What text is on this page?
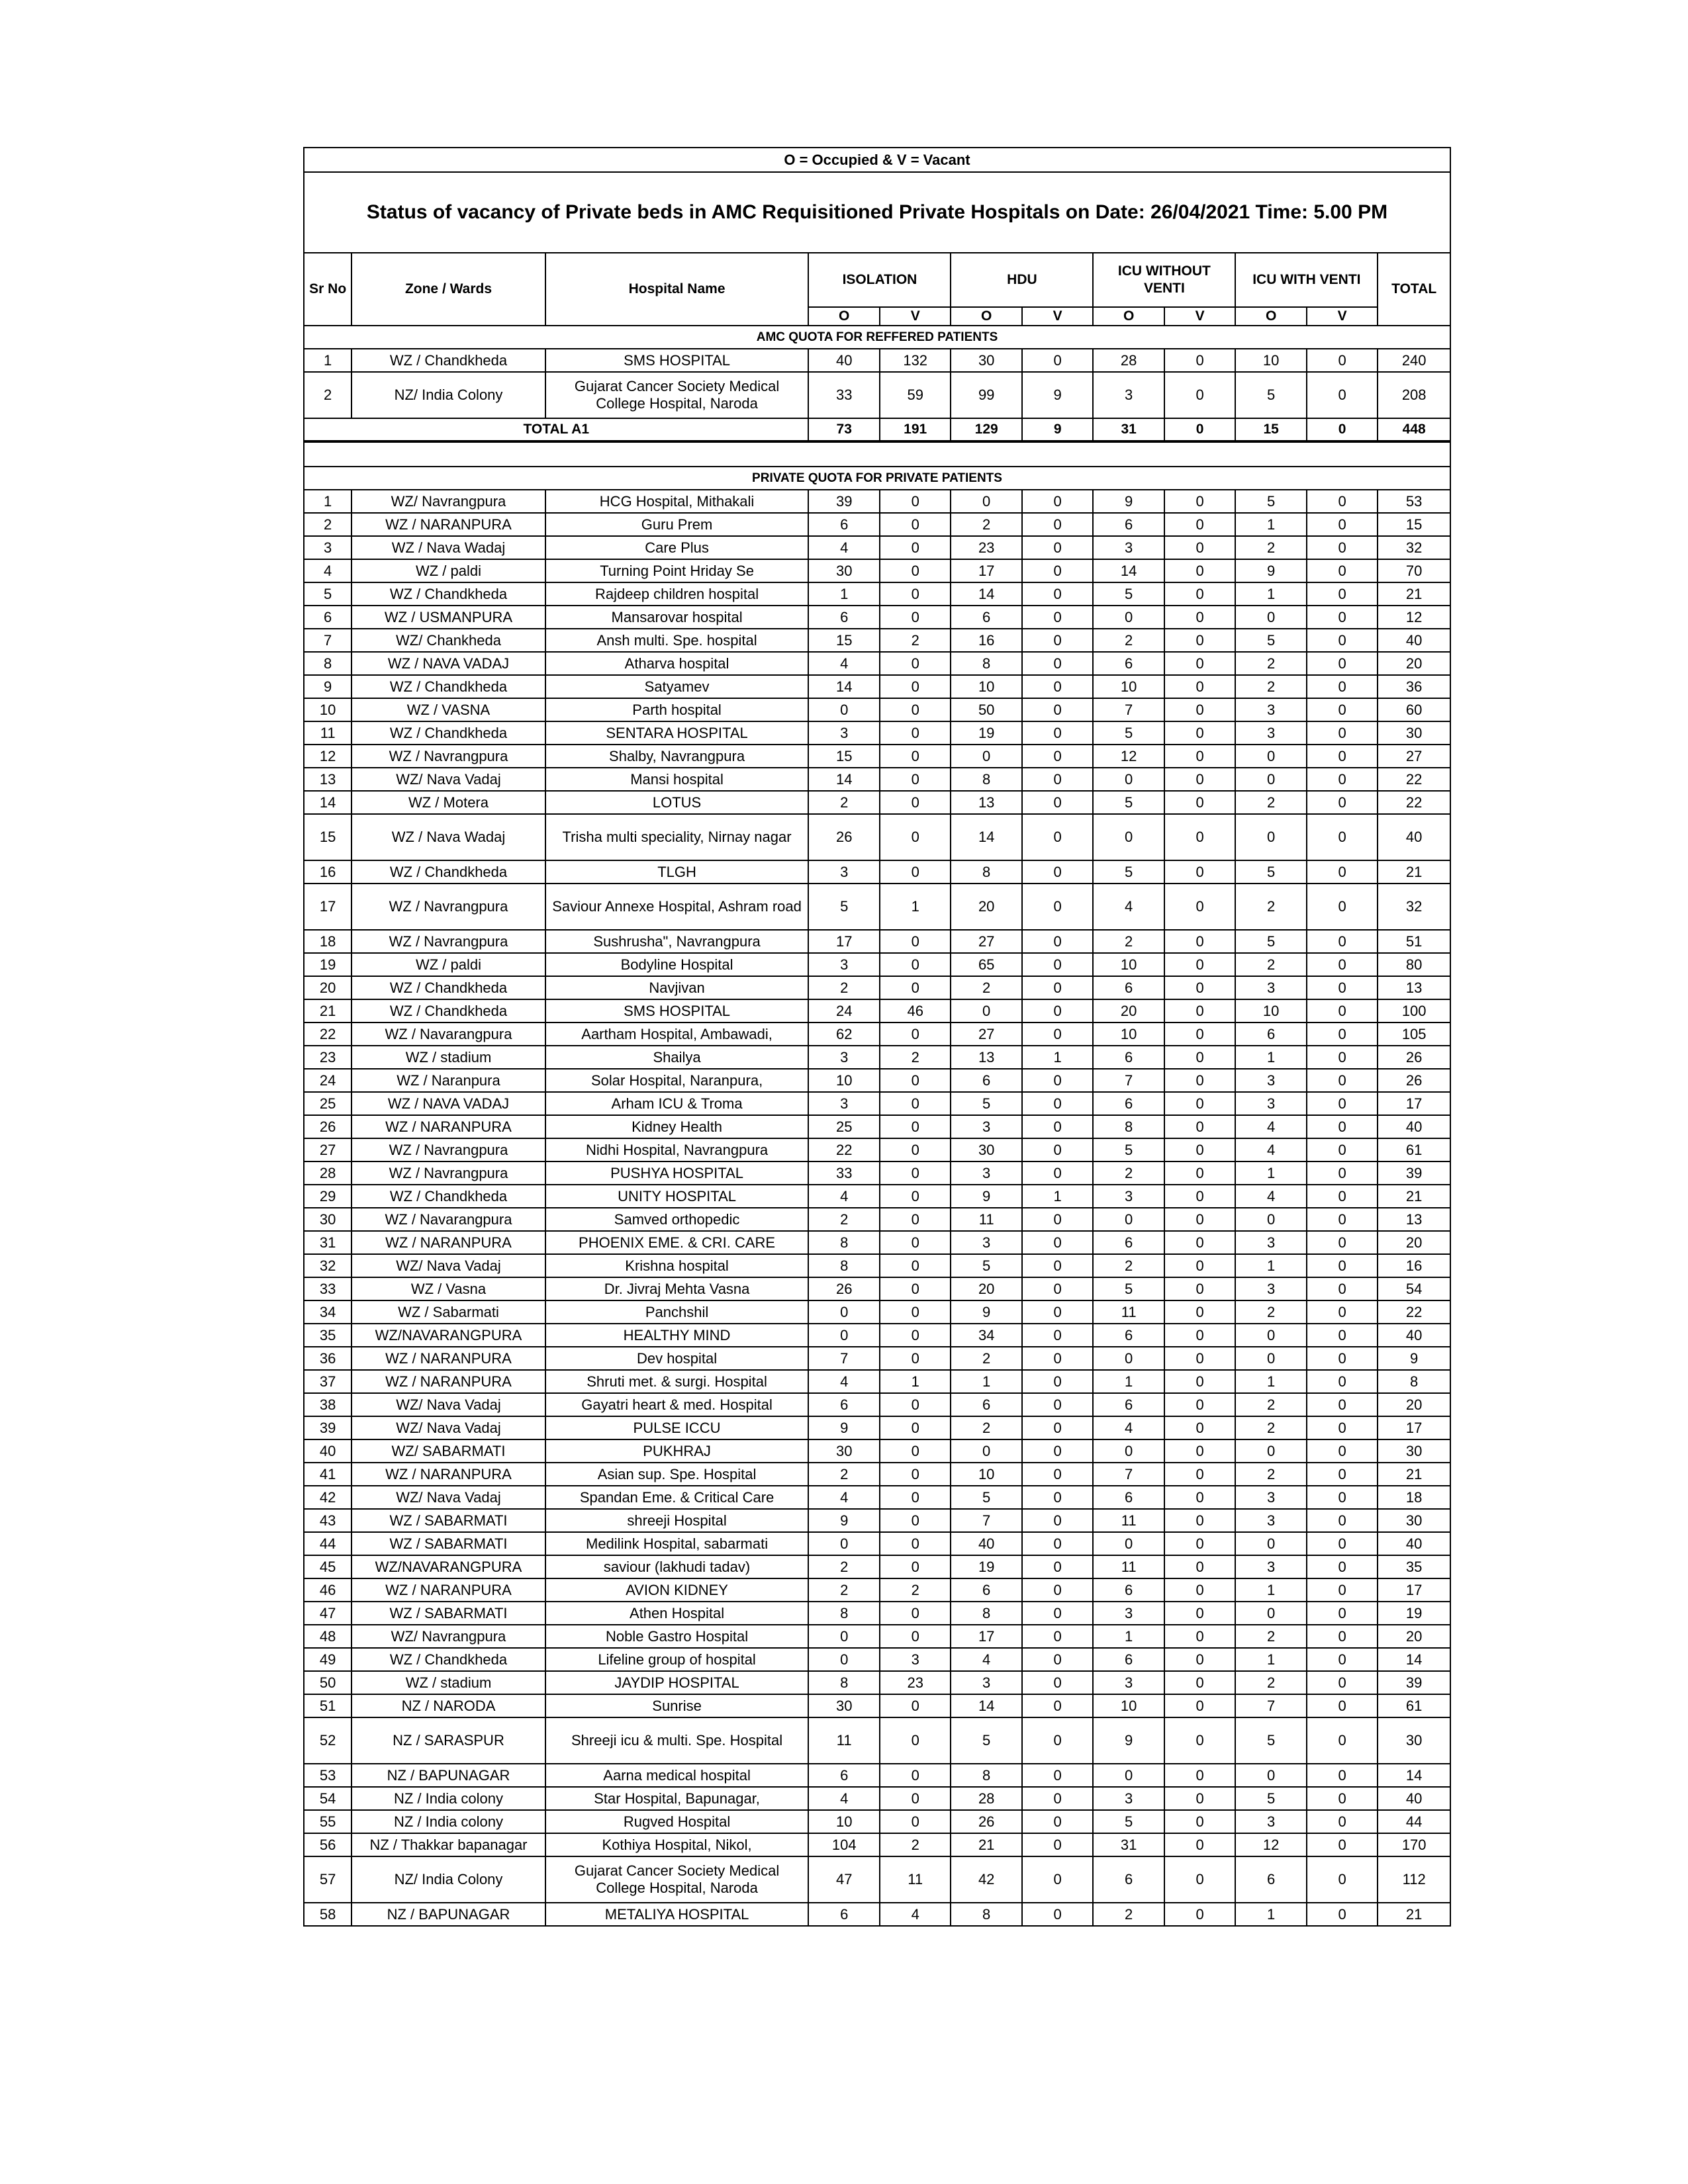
O = Occupied & V = Vacant											
Status of vacancy of Private beds in AMC Requisitioned Private Hospitals on Date: 26/04/2021 Time: 5.00 PM											
Sr No	Zone / Wards	Hospital Name	ISOLATION		HDU		ICU WITHOUT VENTI		ICU WITH VENTI		TOTAL
			O	V	O	V	O	V	O	V	
AMC QUOTA FOR REFFERED PATIENTS											
1	WZ / Chandkheda	SMS HOSPITAL	40	132	30	0	28	0	10	0	240
2	NZ/ India Colony	Gujarat Cancer Society Medical College Hospital, Naroda	33	59	99	9	3	0	5	0	208
TOTAL A1			73	191	129	9	31	0	15	0	448

PRIVATE QUOTA FOR PRIVATE PATIENTS											
1	WZ/ Navrangpura	HCG Hospital, Mithakali	39	0	0	0	9	0	5	0	53
2	WZ / NARANPURA	Guru Prem	6	0	2	0	6	0	1	0	15
3	WZ / Nava Wadaj	Care Plus	4	0	23	0	3	0	2	0	32
4	WZ / paldi	Turning Point Hriday Se	30	0	17	0	14	0	9	0	70
5	WZ / Chandkheda	Rajdeep children hospital	1	0	14	0	5	0	1	0	21
6	WZ / USMANPURA	Mansarovar hospital	6	0	6	0	0	0	0	0	12
7	WZ/ Chankheda	Ansh multi. Spe. hospital	15	2	16	0	2	0	5	0	40
8	WZ / NAVA VADAJ	Atharva hospital	4	0	8	0	6	0	2	0	20
9	WZ / Chandkheda	Satyamev	14	0	10	0	10	0	2	0	36
10	WZ / VASNA	Parth hospital	0	0	50	0	7	0	3	0	60
11	WZ / Chandkheda	SENTARA HOSPITAL	3	0	19	0	5	0	3	0	30
12	WZ / Navrangpura	Shalby, Navrangpura	15	0	0	0	12	0	0	0	27
13	WZ/ Nava Vadaj	Mansi hospital	14	0	8	0	0	0	0	0	22
14	WZ / Motera	LOTUS	2	0	13	0	5	0	2	0	22
15	WZ / Nava Wadaj	Trisha multi speciality, Nirnay nagar	26	0	14	0	0	0	0	0	40
16	WZ / Chandkheda	TLGH	3	0	8	0	5	0	5	0	21
17	WZ / Navrangpura	Saviour Annexe Hospital, Ashram road	5	1	20	0	4	0	2	0	32
18	WZ / Navrangpura	Sushrusha", Navrangpura	17	0	27	0	2	0	5	0	51
19	WZ / paldi	Bodyline Hospital	3	0	65	0	10	0	2	0	80
20	WZ / Chandkheda	Navjivan	2	0	2	0	6	0	3	0	13
21	WZ / Chandkheda	SMS HOSPITAL	24	46	0	0	20	0	10	0	100
22	WZ / Navarangpura	Aartham Hospital, Ambawadi,	62	0	27	0	10	0	6	0	105
23	WZ / stadium	Shailya	3	2	13	1	6	0	1	0	26
24	WZ / Naranpura	Solar Hospital, Naranpura,	10	0	6	0	7	0	3	0	26
25	WZ / NAVA VADAJ	Arham ICU & Troma	3	0	5	0	6	0	3	0	17
26	WZ / NARANPURA	Kidney Health	25	0	3	0	8	0	4	0	40
27	WZ / Navrangpura	Nidhi Hospital, Navrangpura	22	0	30	0	5	0	4	0	61
28	WZ / Navrangpura	PUSHYA HOSPITAL	33	0	3	0	2	0	1	0	39
29	WZ / Chandkheda	UNITY HOSPITAL	4	0	9	1	3	0	4	0	21
30	WZ / Navarangpura	Samved orthopedic	2	0	11	0	0	0	0	0	13
31	WZ / NARANPURA	PHOENIX EME. & CRI. CARE	8	0	3	0	6	0	3	0	20
32	WZ/ Nava Vadaj	Krishna hospital	8	0	5	0	2	0	1	0	16
33	WZ / Vasna	Dr. Jivraj Mehta Vasna	26	0	20	0	5	0	3	0	54
34	WZ / Sabarmati	Panchshil	0	0	9	0	11	0	2	0	22
35	WZ/NAVARANGPURA	HEALTHY MIND	0	0	34	0	6	0	0	0	40
36	WZ / NARANPURA	Dev hospital	7	0	2	0	0	0	0	0	9
37	WZ / NARANPURA	Shruti met. & surgi. Hospital	4	1	1	0	1	0	1	0	8
38	WZ/ Nava Vadaj	Gayatri heart & med. Hospital	6	0	6	0	6	0	2	0	20
39	WZ/ Nava Vadaj	PULSE ICCU	9	0	2	0	4	0	2	0	17
40	WZ/ SABARMATI	PUKHRAJ	30	0	0	0	0	0	0	0	30
41	WZ / NARANPURA	Asian sup. Spe. Hospital	2	0	10	0	7	0	2	0	21
42	WZ/ Nava Vadaj	Spandan Eme. & Critical Care	4	0	5	0	6	0	3	0	18
43	WZ / SABARMATI	shreeji Hospital	9	0	7	0	11	0	3	0	30
44	WZ / SABARMATI	Medilink Hospital, sabarmati	0	0	40	0	0	0	0	0	40
45	WZ/NAVARANGPURA	saviour (lakhudi tadav)	2	0	19	0	11	0	3	0	35
46	WZ / NARANPURA	AVION KIDNEY	2	2	6	0	6	0	1	0	17
47	WZ / SABARMATI	Athen Hospital	8	0	8	0	3	0	0	0	19
48	WZ/ Navrangpura	Noble Gastro Hospital	0	0	17	0	1	0	2	0	20
49	WZ / Chandkheda	Lifeline group of hospital	0	3	4	0	6	0	1	0	14
50	WZ / stadium	JAYDIP HOSPITAL	8	23	3	0	3	0	2	0	39
51	NZ / NARODA	Sunrise	30	0	14	0	10	0	7	0	61
52	NZ / SARASPUR	Shreeji icu & multi. Spe. Hospital	11	0	5	0	9	0	5	0	30
53	NZ / BAPUNAGAR	Aarna medical hospital	6	0	8	0	0	0	0	0	14
54	NZ / India colony	Star Hospital, Bapunagar,	4	0	28	0	3	0	5	0	40
55	NZ / India colony	Rugved Hospital	10	0	26	0	5	0	3	0	44
56	NZ / Thakkar bapanagar	Kothiya Hospital, Nikol,	104	2	21	0	31	0	12	0	170
57	NZ/ India Colony	Gujarat Cancer Society Medical College Hospital, Naroda	47	11	42	0	6	0	6	0	112
58	NZ / BAPUNAGAR	METALIYA HOSPITAL	6	4	8	0	2	0	1	0	21
